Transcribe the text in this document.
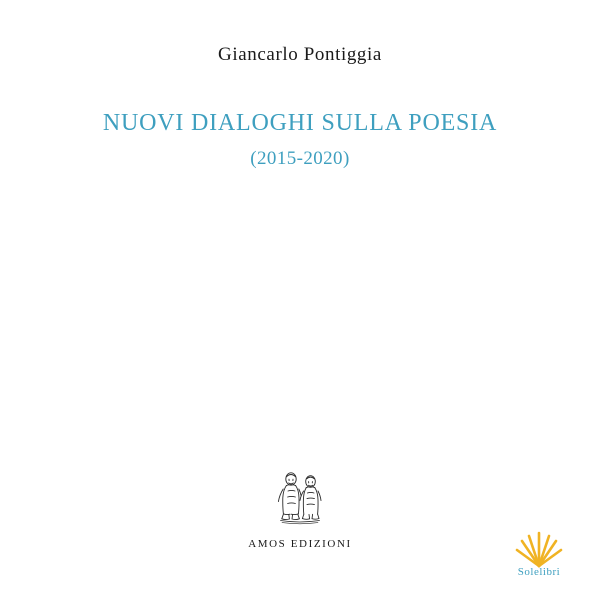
Giancarlo Pontiggia
NUOVI DIALOGHI SULLA POESIA
(2015-2020)
AMOS EDIZIONI
Solelibri
